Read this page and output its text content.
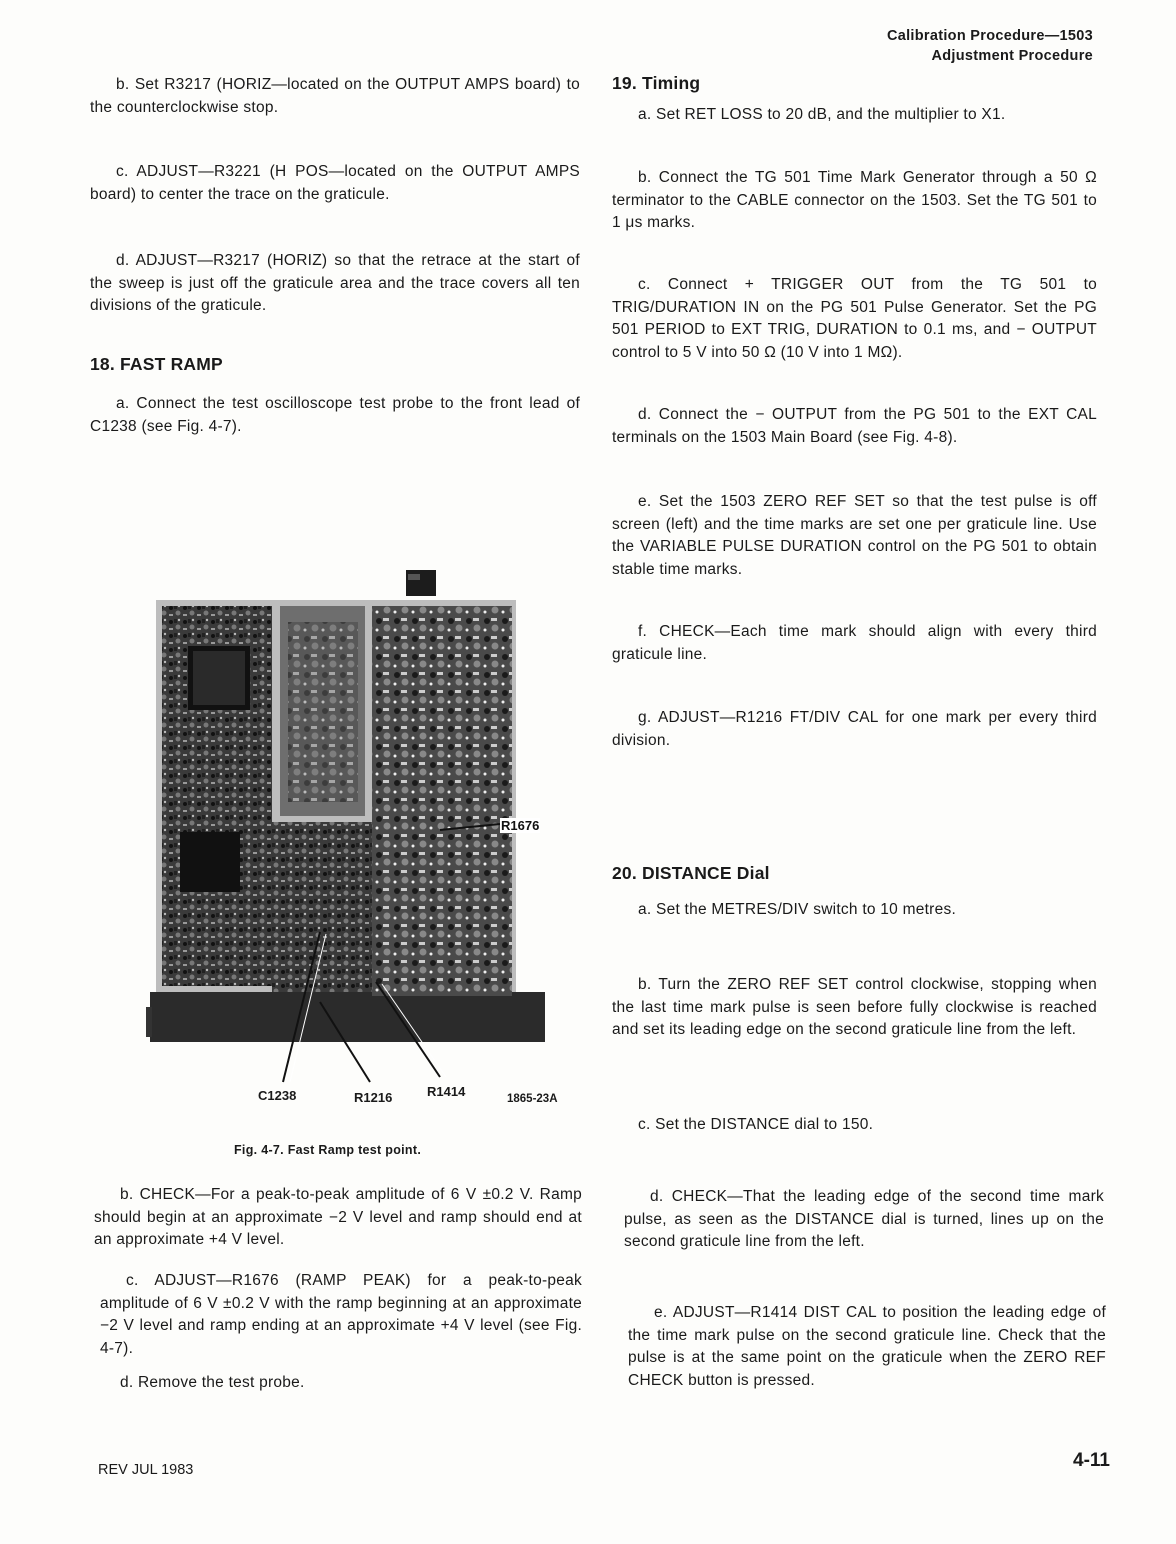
Calibration Procedure—1503
Adjustment Procedure
b. Set R3217 (HORIZ—located on the OUTPUT AMPS board) to the counterclockwise stop.
c. ADJUST—R3221 (H POS—located on the OUTPUT AMPS board) to center the trace on the graticule.
d. ADJUST—R3217 (HORIZ) so that the retrace at the start of the sweep is just off the graticule area and the trace covers all ten divisions of the graticule.
18. FAST RAMP
a. Connect the test oscilloscope test probe to the front lead of C1238 (see Fig. 4-7).
R1676
C1238	R1216	R1414	1865-23A
Fig. 4-7. Fast Ramp test point.
b. CHECK—For a peak-to-peak amplitude of 6 V ±0.2 V. Ramp should begin at an approximate −2 V level and ramp should end at an approximate +4 V level.
c. ADJUST—R1676 (RAMP PEAK) for a peak-to-peak amplitude of 6 V ±0.2 V with the ramp beginning at an approximate −2 V level and ramp ending at an approximate +4 V level (see Fig. 4-7).
d. Remove the test probe.
19. Timing
a. Set RET LOSS to 20 dB, and the multiplier to X1.
b. Connect the TG 501 Time Mark Generator through a 50 Ω terminator to the CABLE connector on the 1503. Set the TG 501 to 1 μs marks.
c. Connect + TRIGGER OUT from the TG 501 to TRIG/DURATION IN on the PG 501 Pulse Generator. Set the PG 501 PERIOD to EXT TRIG, DURATION to 0.1 ms, and − OUTPUT control to 5 V into 50 Ω (10 V into 1 MΩ).
d. Connect the − OUTPUT from the PG 501 to the EXT CAL terminals on the 1503 Main Board (see Fig. 4-8).
e. Set the 1503 ZERO REF SET so that the test pulse is off screen (left) and the time marks are set one per graticule line. Use the VARIABLE PULSE DURATION control on the PG 501 to obtain stable time marks.
f. CHECK—Each time mark should align with every third graticule line.
g. ADJUST—R1216 FT/DIV CAL for one mark per every third division.
20. DISTANCE Dial
a. Set the METRES/DIV switch to 10 metres.
b. Turn the ZERO REF SET control clockwise, stopping when the last time mark pulse is seen before fully clockwise is reached and set its leading edge on the second graticule line from the left.
c. Set the DISTANCE dial to 150.
d. CHECK—That the leading edge of the second time mark pulse, as seen as the DISTANCE dial is turned, lines up on the second graticule line from the left.
e. ADJUST—R1414 DIST CAL to position the leading edge of the time mark pulse on the second graticule line. Check that the pulse is at the same point on the graticule when the ZERO REF CHECK button is pressed.
REV JUL 1983	4-11
